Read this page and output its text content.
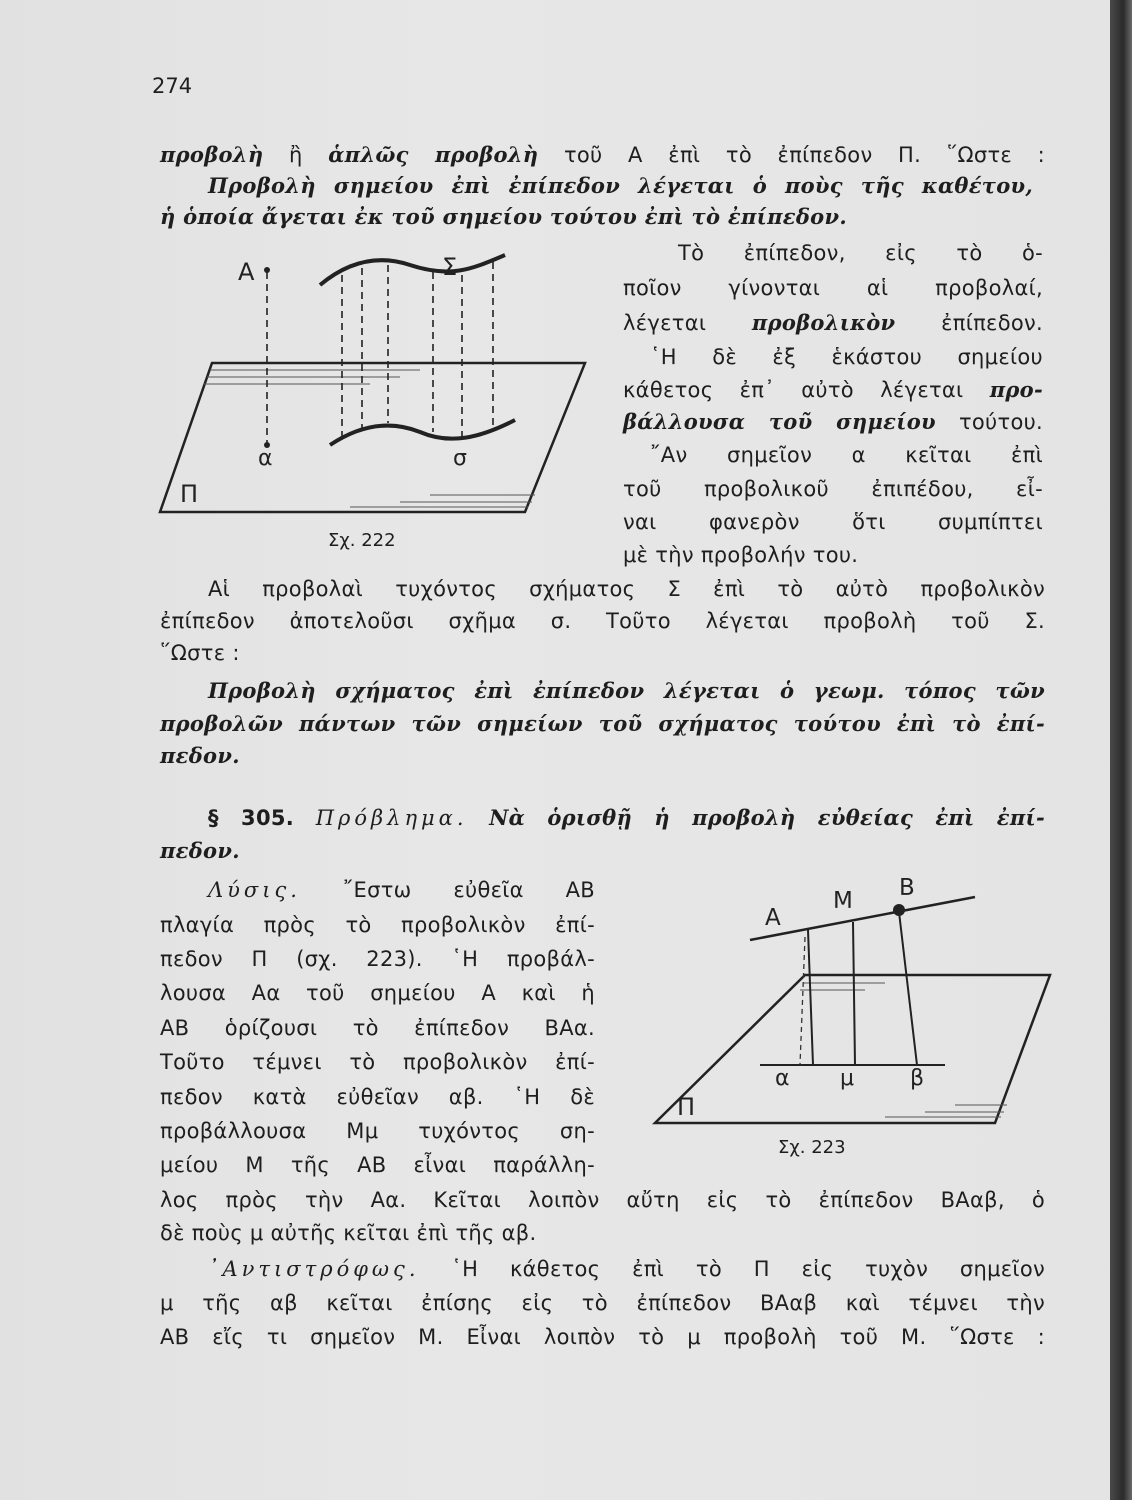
274
προβολὴ ἢ ἁπλῶς προβολὴ τοῦ Α ἐπὶ τὸ ἐπίπεδον Π. ῞Ωστε :
Προβολὴ σημείου ἐπὶ ἐπίπεδον λέγεται ὁ ποὺς τῆς καθέτου,
ἡ ὁποία ἄγεται ἐκ τοῦ σημείου τούτου ἐπὶ τὸ ἐπίπεδον.
Τὸ ἐπίπεδον, εἰς τὸ ὁ-
ποῖον γίνονται αἱ προβολαί,
λέγεται προβολικὸν ἐπίπεδον.
῾Η δὲ ἐξ ἑκάστου σημείου
κάθετος ἐπ᾽ αὐτὸ λέγεται προ-
βάλλουσα τοῦ σημείου τούτου.
῎Αν σημεῖον α κεῖται ἐπὶ
τοῦ προβολικοῦ ἐπιπέδου, εἶ-
ναι φανερὸν ὅτι συμπίπτει
μὲ τὴν προβολήν του.
Α	Σ
α	σ
Π
Σχ. 222
Αἱ προβολαὶ τυχόντος σχήματος Σ ἐπὶ τὸ αὐτὸ προβολικὸν
ἐπίπεδον ἀποτελοῦσι σχῆμα σ. Τοῦτο λέγεται προβολὴ τοῦ Σ.
῞Ωστε :
Προβολὴ σχήματος ἐπὶ ἐπίπεδον λέγεται ὁ γεωμ. τόπος τῶν
προβολῶν πάντων τῶν σημείων τοῦ σχήματος τούτου ἐπὶ τὸ ἐπί-
πεδον.
§ 305. Πρόβλημα. Νὰ ὁρισθῇ ἡ προβολὴ εὐθείας ἐπὶ ἐπί-
πεδον.
Λύσις. ῎Εστω εὐθεῖα ΑΒ
πλαγία πρὸς τὸ προβολικὸν ἐπί-
πεδον Π (σχ. 223). ῾Η προβάλ-
λουσα Αα τοῦ σημείου Α καὶ ἡ
ΑΒ ὁρίζουσι τὸ ἐπίπεδον ΒΑα.
Τοῦτο τέμνει τὸ προβολικὸν ἐπί-
πεδον κατὰ εὐθεῖαν αβ. ῾Η δὲ
προβάλλουσα Μμ τυχόντος ση-
μείου Μ τῆς ΑΒ εἶναι παράλλη-
λος πρὸς τὴν Αα. Κεῖται λοιπὸν αὔτη εἰς τὸ ἐπίπεδον ΒΑαβ, ὁ
δὲ ποὺς μ αὐτῆς κεῖται ἐπὶ τῆς αβ.
Α
Μ Β
α μ	β
Π
Σχ. 223
᾽Αντιστρόφως. ῾Η κάθετος ἐπὶ τὸ Π εἰς τυχὸν σημεῖον
μ τῆς αβ κεῖται ἐπίσης εἰς τὸ ἐπίπεδον ΒΑαβ καὶ τέμνει τὴν
ΑΒ εἴς τι σημεῖον Μ. Εἶναι λοιπὸν τὸ μ προβολὴ τοῦ Μ. ῞Ωστε :
